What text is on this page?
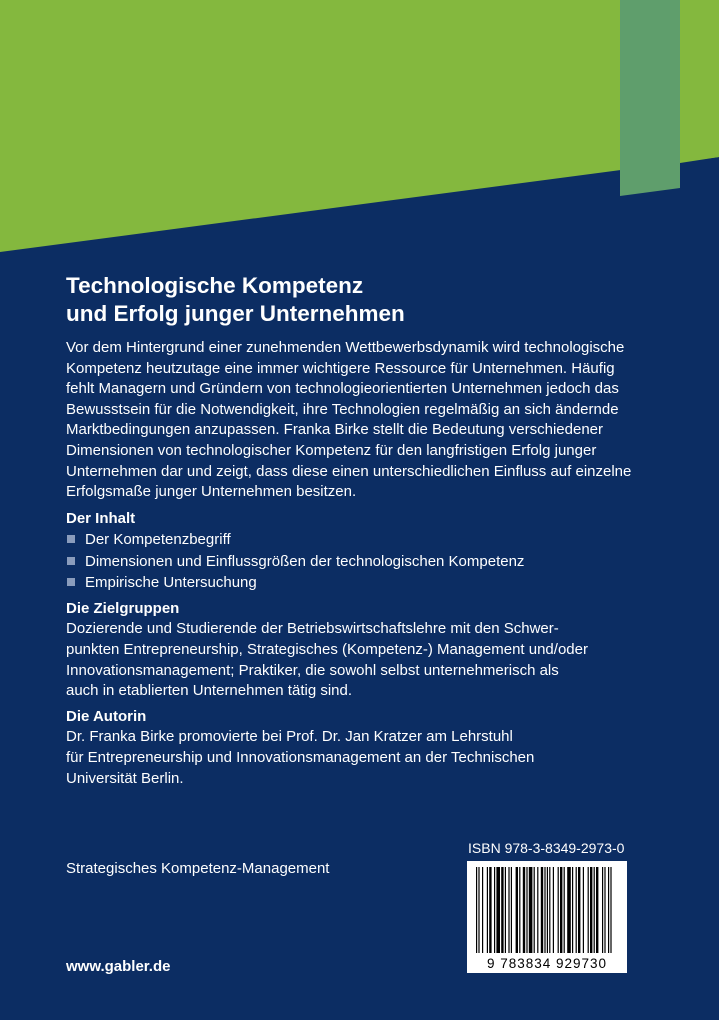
Technologische Kompetenz
und Erfolg junger Unternehmen

Vor dem Hintergrund einer zunehmenden Wettbewerbsdynamik wird technologische
Kompetenz heutzutage eine immer wichtigere Ressource für Unternehmen. Häufig
fehlt Managern und Gründern von technologieorientierten Unternehmen jedoch das
Bewusstsein für die Notwendigkeit, ihre Technologien regelmäßig an sich ändernde
Marktbedingungen anzupassen. Franka Birke stellt die Bedeutung verschiedener
Dimensionen von technologischer Kompetenz für den langfristigen Erfolg junger
Unternehmen dar und zeigt, dass diese einen unterschiedlichen Einfluss auf einzelne
Erfolgsmaße junger Unternehmen besitzen.

Der Inhalt
Der Kompetenzbegriff
Dimensionen und Einflussgrößen der technologischen Kompetenz
Empirische Untersuchung
Die Zielgruppen

Dozierende und Studierende der Betriebswirtschaftslehre mit den Schwer-
punkten Entrepreneurship, Strategisches (Kompetenz-) Management und/oder
Innovationsmanagement; Praktiker, die sowohl selbst unternehmerisch als
auch in etablierten Unternehmen tätig sind.

Die Autorin

Dr. Franka Birke promovierte bei Prof. Dr. Jan Kratzer am Lehrstuhl
für Entrepreneurship und Innovationsmanagement an der Technischen
Universität Berlin.

Strategisches Kompetenz-Management
ISBN 978-3-8349-2973-0
9 783834 929730
www.gabler.de
